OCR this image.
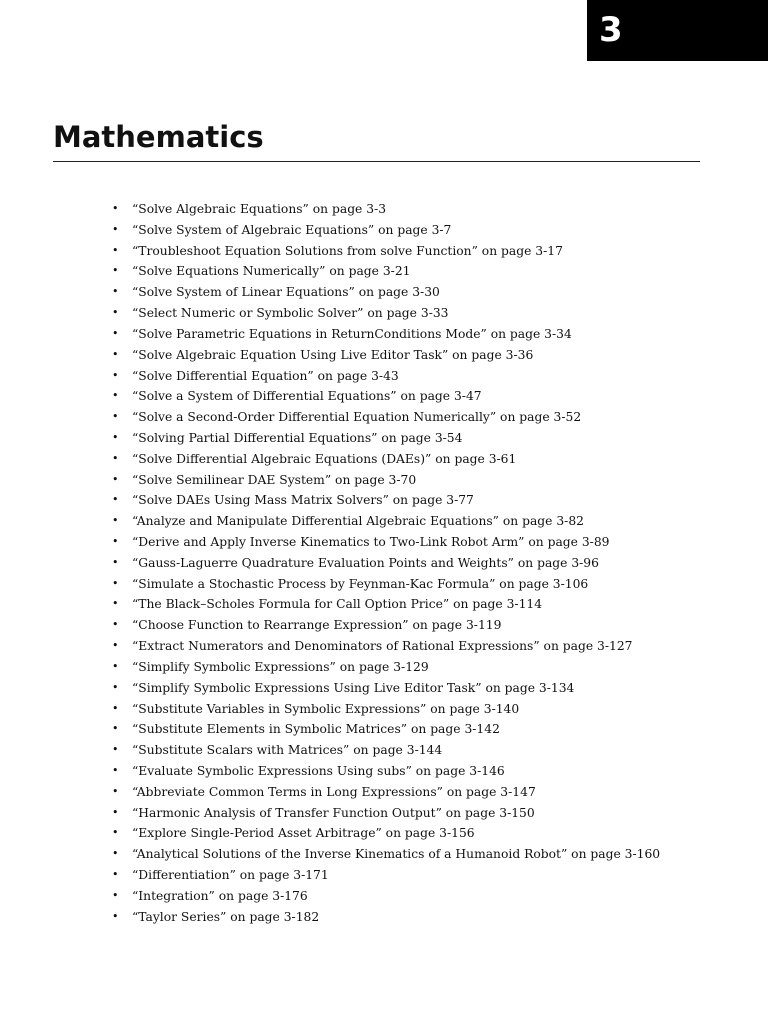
3
Mathematics
• “Solve Algebraic Equations” on page 3-3
• “Solve System of Algebraic Equations” on page 3-7
• “Troubleshoot Equation Solutions from solve Function” on page 3-17
• “Solve Equations Numerically” on page 3-21
• “Solve System of Linear Equations” on page 3-30
• “Select Numeric or Symbolic Solver” on page 3-33
• “Solve Parametric Equations in ReturnConditions Mode” on page 3-34
• “Solve Algebraic Equation Using Live Editor Task” on page 3-36
• “Solve Differential Equation” on page 3-43
• “Solve a System of Differential Equations” on page 3-47
• “Solve a Second-Order Differential Equation Numerically” on page 3-52
• “Solving Partial Differential Equations” on page 3-54
• “Solve Differential Algebraic Equations (DAEs)” on page 3-61
• “Solve Semilinear DAE System” on page 3-70
• “Solve DAEs Using Mass Matrix Solvers” on page 3-77
• “Analyze and Manipulate Differential Algebraic Equations” on page 3-82
• “Derive and Apply Inverse Kinematics to Two-Link Robot Arm” on page 3-89
• “Gauss-Laguerre Quadrature Evaluation Points and Weights” on page 3-96
• “Simulate a Stochastic Process by Feynman-Kac Formula” on page 3-106
• “The Black–Scholes Formula for Call Option Price” on page 3-114
• “Choose Function to Rearrange Expression” on page 3-119
• “Extract Numerators and Denominators of Rational Expressions” on page 3-127
• “Simplify Symbolic Expressions” on page 3-129
• “Simplify Symbolic Expressions Using Live Editor Task” on page 3-134
• “Substitute Variables in Symbolic Expressions” on page 3-140
• “Substitute Elements in Symbolic Matrices” on page 3-142
• “Substitute Scalars with Matrices” on page 3-144
• “Evaluate Symbolic Expressions Using subs” on page 3-146
• “Abbreviate Common Terms in Long Expressions” on page 3-147
• “Harmonic Analysis of Transfer Function Output” on page 3-150
• “Explore Single-Period Asset Arbitrage” on page 3-156
• “Analytical Solutions of the Inverse Kinematics of a Humanoid Robot” on page 3-160
• “Differentiation” on page 3-171
• “Integration” on page 3-176
• “Taylor Series” on page 3-182
